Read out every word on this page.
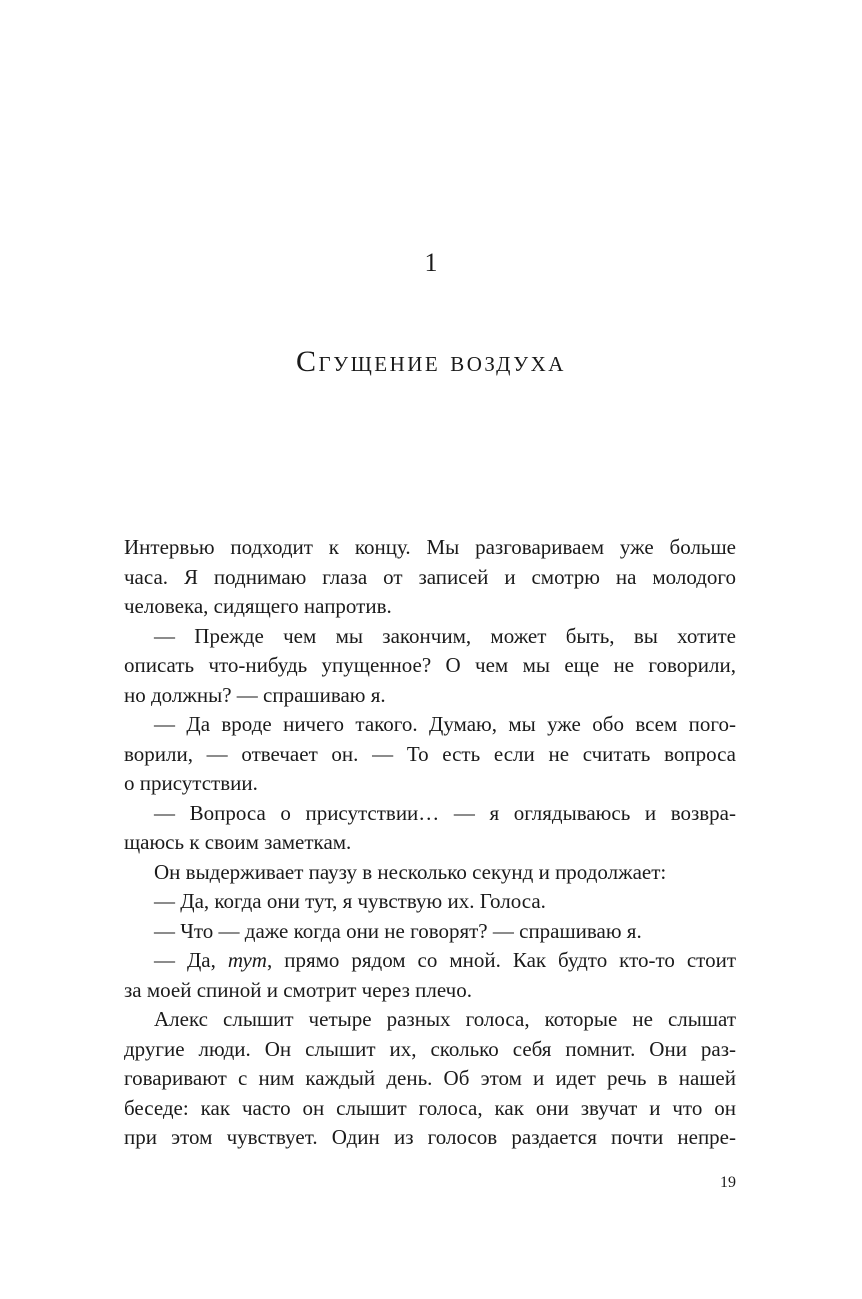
1
Сгущение воздуха

Интервью подходит к концу. Мы разговариваем уже больше

часа. Я поднимаю глаза от записей и смотрю на молодого

человека, сидящего напротив.

— Прежде чем мы закончим, может быть, вы хотите

описать что-нибудь упущенное? О чем мы еще не говорили,

но должны? — спрашиваю я.

— Да вроде ничего такого. Думаю, мы уже обо всем пого-

ворили, — отвечает он. — То есть если не считать вопроса

о присутствии.

— Вопроса о присутствии… — я оглядываюсь и возвра-

щаюсь к своим заметкам.

Он выдерживает паузу в несколько секунд и продолжает:

— Да, когда они тут, я чувствую их. Голоса.

— Что — даже когда они не говорят? — спрашиваю я.

— Да, тут, прямо рядом со мной. Как будто кто-то стоит

за моей спиной и смотрит через плечо.

Алекс слышит четыре разных голоса, которые не слышат

другие люди. Он слышит их, сколько себя помнит. Они раз-

говаривают с ним каждый день. Об этом и идет речь в нашей

беседе: как часто он слышит голоса, как они звучат и что он

при этом чувствует. Один из голосов раздается почти непре-

19
